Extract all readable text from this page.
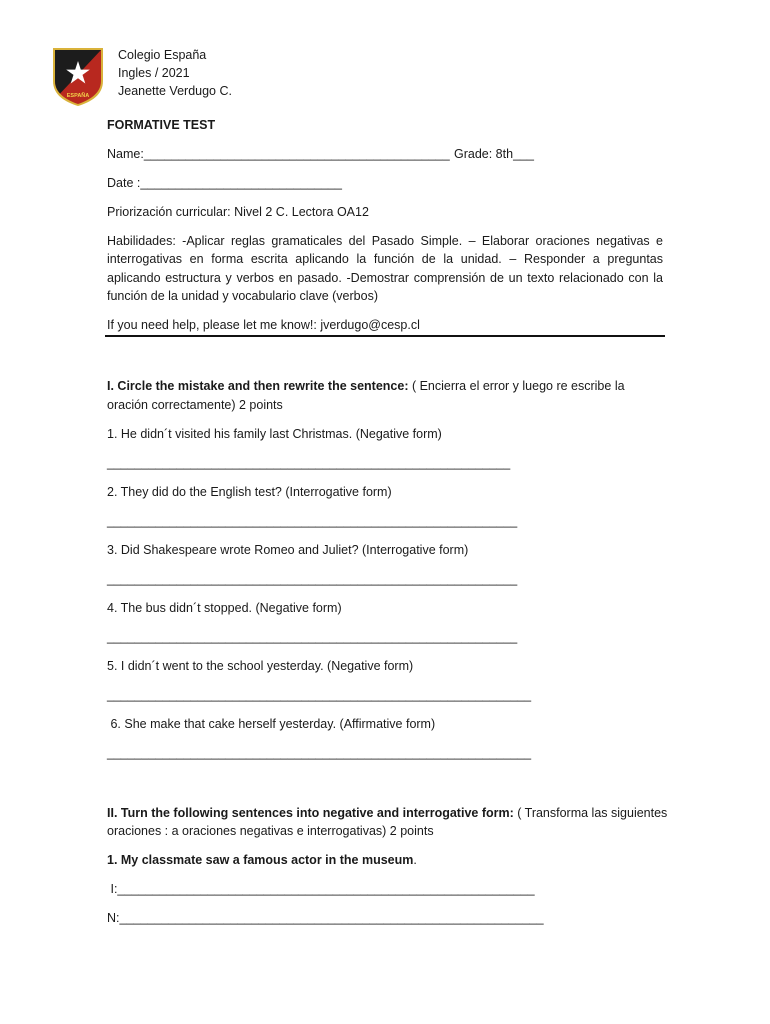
ESPAÑA
Colegio España
Ingles / 2021
Jeanette Verdugo C.
FORMATIVE TEST
Name:____________________________________________ Grade: 8th___
Date :_____________________________
Priorización curricular: Nivel 2 C. Lectora OA12
Habilidades: -Aplicar reglas gramaticales del Pasado Simple. – Elaborar oraciones negativas e interrogativas en forma escrita aplicando la función de la unidad. – Responder a preguntas aplicando estructura y verbos en pasado. -Demostrar comprensión de un texto relacionado con la función de la unidad y vocabulario clave (verbos)
If you need help, please let me know!: jverdugo@cesp.cl
I. Circle the mistake and then rewrite the sentence: ( Encierra el error y luego re escribe la
oración correctamente) 2 points
1. He didn´t visited his family last Christmas. (Negative form)
__________________________________________________________
2. They did do the English test? (Interrogative form)
___________________________________________________________
3. Did Shakespeare wrote Romeo and Juliet? (Interrogative form)
___________________________________________________________
4. The bus didn´t stopped. (Negative form)
___________________________________________________________
5. I didn´t went to the school yesterday. (Negative form)
_____________________________________________________________
6. She make that cake herself yesterday. (Affirmative form)
_____________________________________________________________
II. Turn the following sentences into negative and interrogative form: ( Transforma las siguientes
oraciones : a oraciones negativas e interrogativas) 2 points
1. My classmate saw a famous actor in the museum.
I:____________________________________________________________
N:_____________________________________________________________
